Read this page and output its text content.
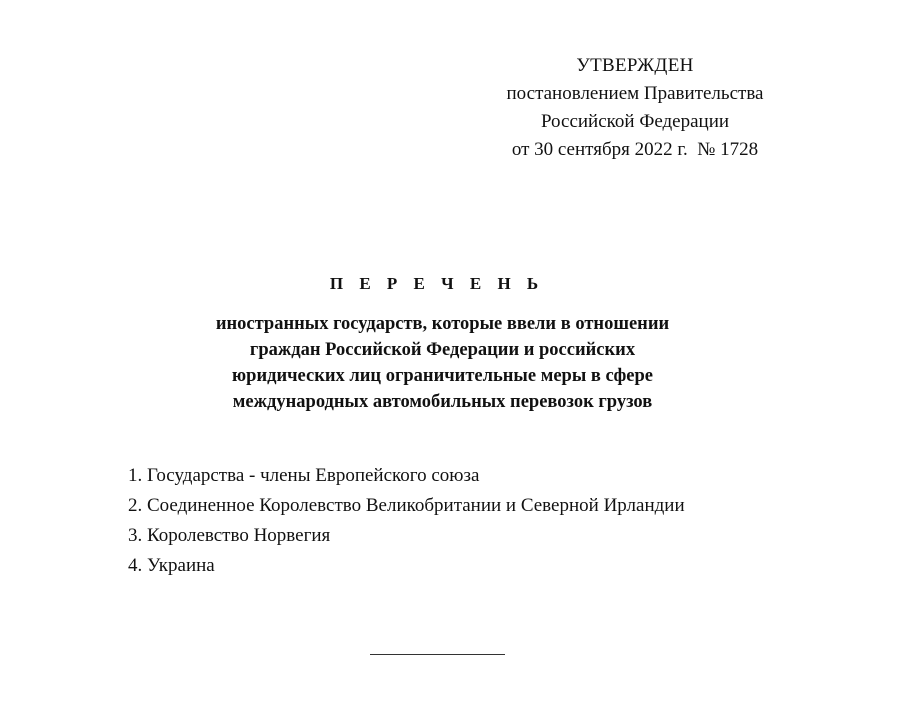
УТВЕРЖДЕН
постановлением Правительства
Российской Федерации
от 30 сентября 2022 г.  № 1728
П Е Р Е Ч Е Н Ь
иностранных государств, которые ввели в отношении
граждан Российской Федерации и российских
юридических лиц ограничительные меры в сфере
международных автомобильных перевозок грузов
1. Государства - члены Европейского союза
2. Соединенное Королевство Великобритании и Северной Ирландии
3. Королевство Норвегия
4. Украина
